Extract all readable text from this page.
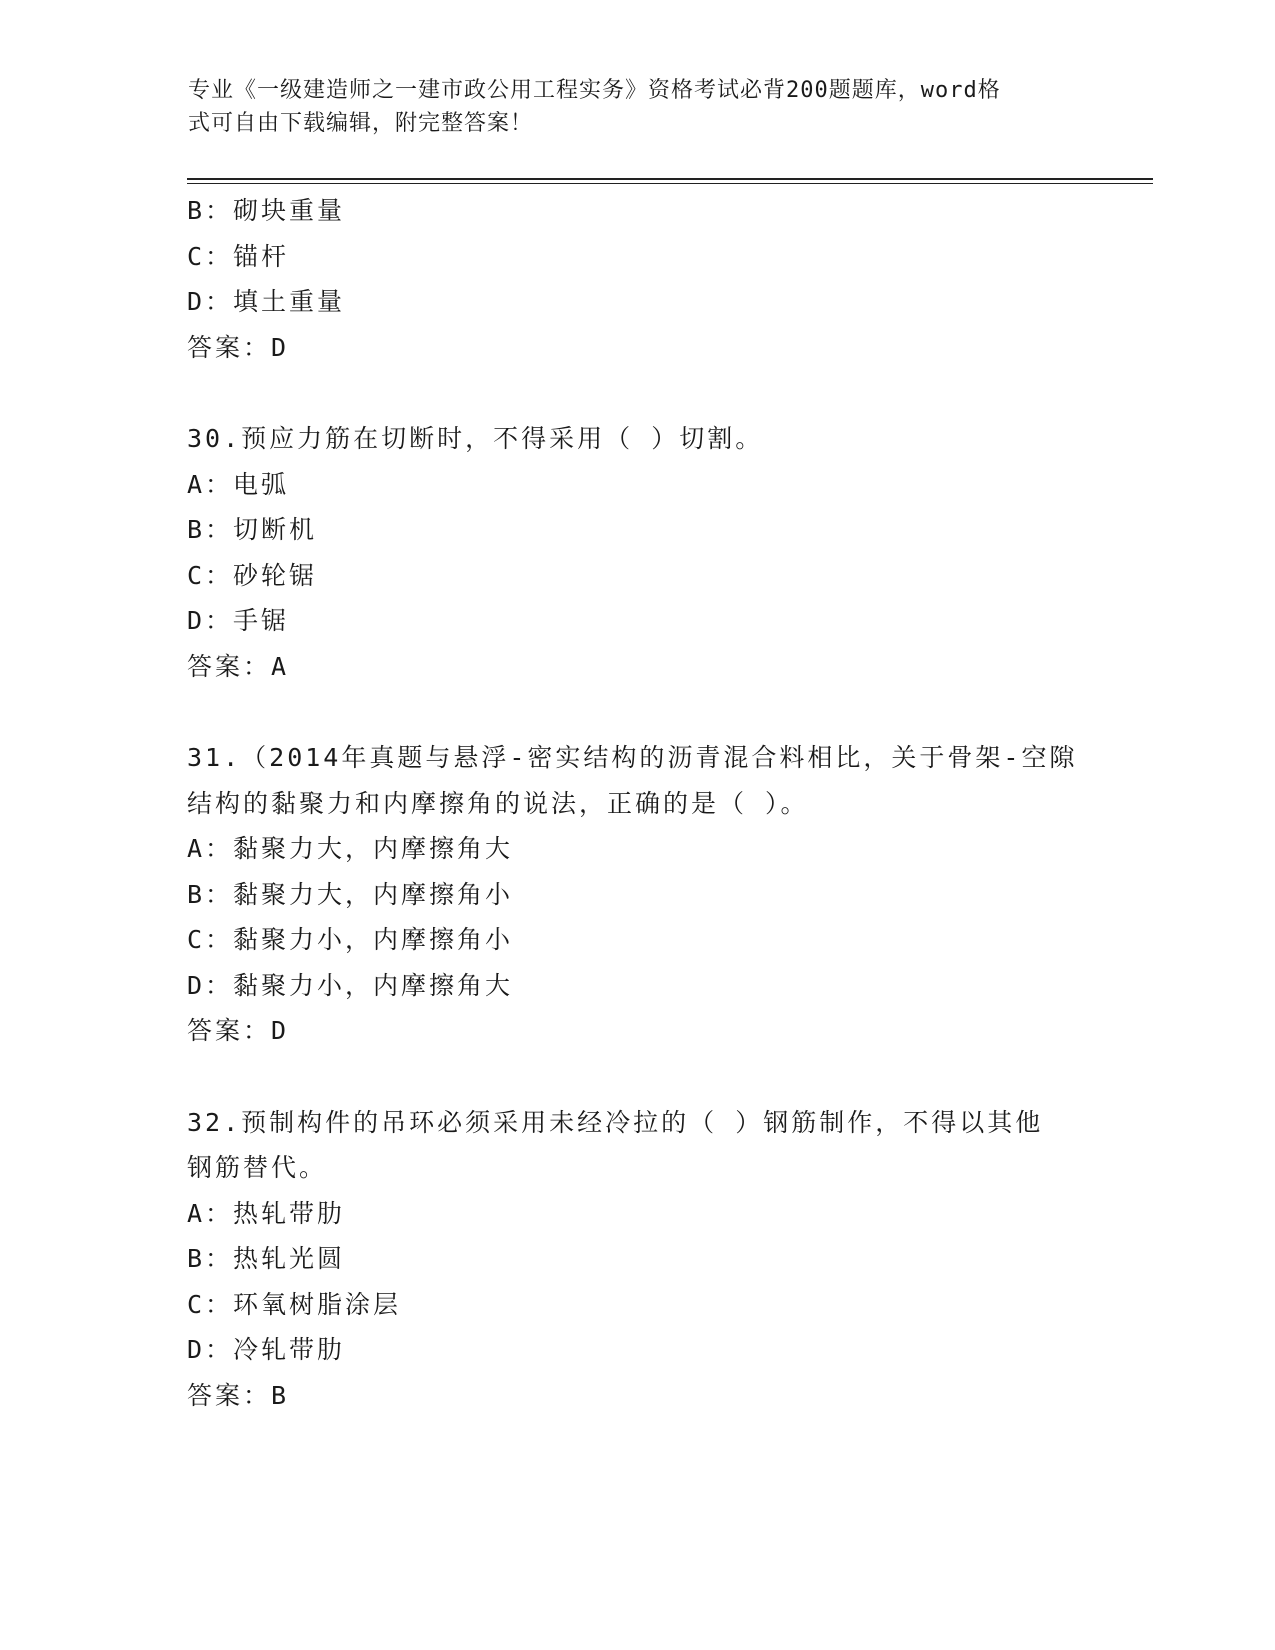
专业《一级建造师之一建市政公用工程实务》资格考试必背200题题库，word格
式可自由下载编辑，附完整答案！
B：砌块重量
C：锚杆
D：填土重量
答案：D
30.预应力筋在切断时，不得采用（ ）切割。
A：电弧
B：切断机
C：砂轮锯
D：手锯
答案：A
31.（2014年真题与悬浮-密实结构的沥青混合料相比，关于骨架-空隙
结构的黏聚力和内摩擦角的说法，正确的是（ ）。
A：黏聚力大，内摩擦角大
B：黏聚力大，内摩擦角小
C：黏聚力小，内摩擦角小
D：黏聚力小，内摩擦角大
答案：D
32.预制构件的吊环必须采用未经冷拉的（ ）钢筋制作，不得以其他
钢筋替代。
A：热轧带肋
B：热轧光圆
C：环氧树脂涂层
D：冷轧带肋
答案：B
